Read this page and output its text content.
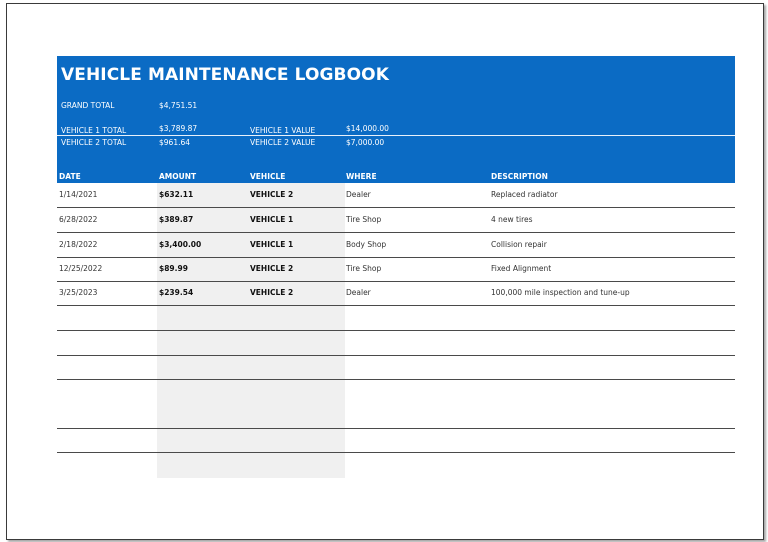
VEHICLE MAINTENANCE LOGBOOK
GRAND TOTAL	$4,751.51
VEHICLE 1 TOTAL	$3,789.87	VEHICLE 1 VALUE	$14,000.00
VEHICLE 2 TOTAL	$961.64	VEHICLE 2 VALUE	$7,000.00
DATE	AMOUNT	VEHICLE	WHERE	DESCRIPTION
1/14/2021	$632.11	VEHICLE 2	Dealer	Replaced radiator
6/28/2022	$389.87	VEHICLE 1	Tire Shop	4 new tires
2/18/2022	$3,400.00	VEHICLE 1	Body Shop	Collision repair
12/25/2022	$89.99	VEHICLE 2	Tire Shop	Fixed Alignment
3/25/2023	$239.54	VEHICLE 2	Dealer	100,000 mile inspection and tune-up
